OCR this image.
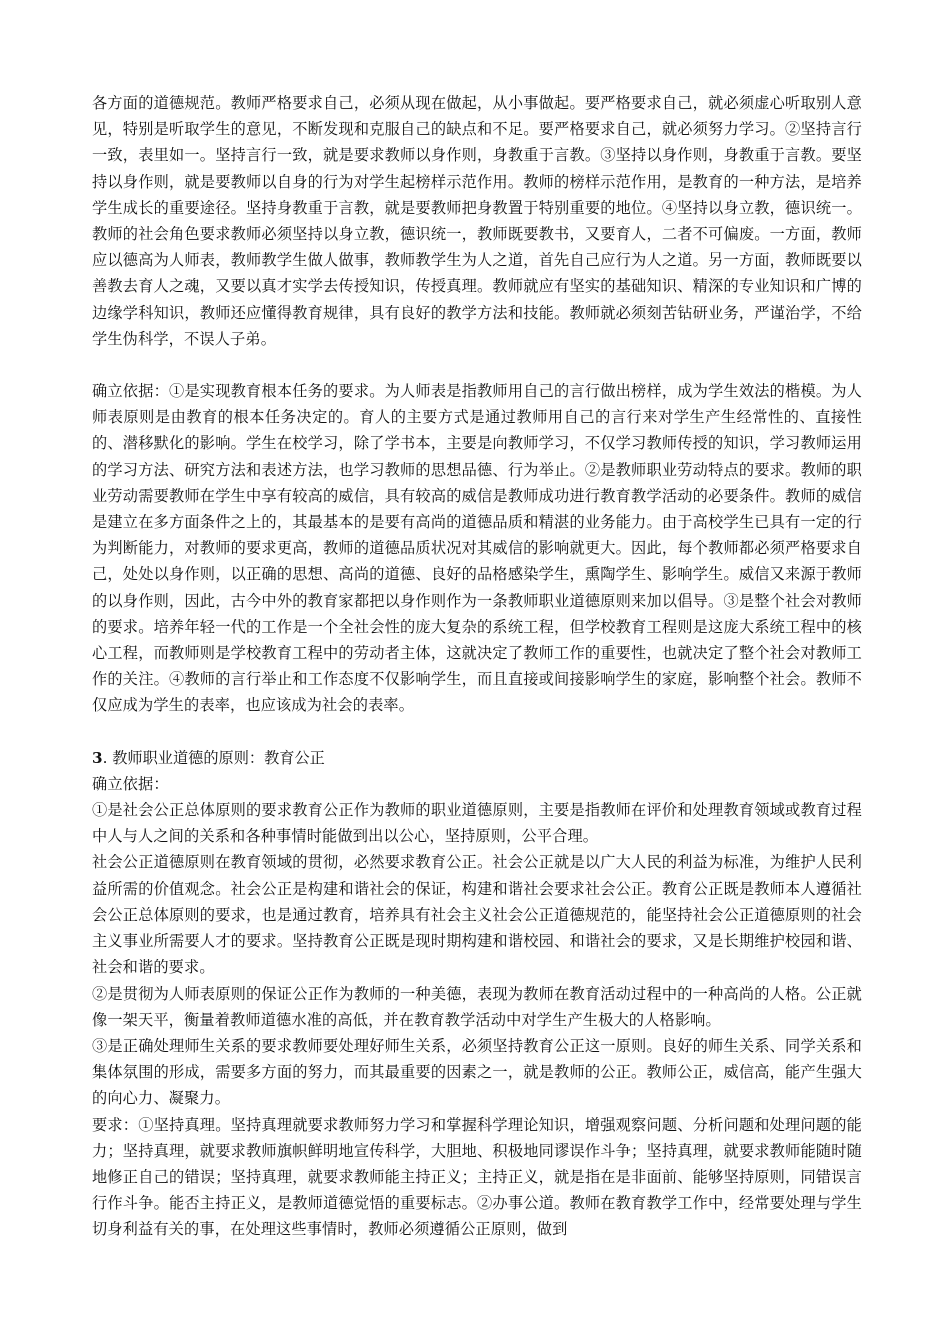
各方面的道德规范。教师严格要求自己，必须从现在做起，从小事做起。要严格要求自己，就必须虚心听取别人意见，特别是听取学生的意见，不断发现和克服自己的缺点和不足。要严格要求自己，就必须努力学习。②坚持言行一致，表里如一。坚持言行一致，就是要求教师以身作则，身教重于言教。③坚持以身作则，身教重于言教。要坚持以身作则，就是要教师以自身的行为对学生起榜样示范作用。教师的榜样示范作用，是教育的一种方法，是培养学生成长的重要途径。坚持身教重于言教，就是要教师把身教置于特别重要的地位。④坚持以身立教，德识统一。教师的社会角色要求教师必须坚持以身立教，德识统一，教师既要教书，又要育人，二者不可偏废。一方面，教师应以德高为人师表，教师教学生做人做事，教师教学生为人之道，首先自己应行为人之道。另一方面，教师既要以善教去育人之魂，又要以真才实学去传授知识，传授真理。教师就应有坚实的基础知识、精深的专业知识和广博的边缘学科知识，教师还应懂得教育规律，具有良好的教学方法和技能。教师就必须刻苦钻研业务，严谨治学，不给学生伪科学，不误人子弟。

确立依据：①是实现教育根本任务的要求。为人师表是指教师用自己的言行做出榜样，成为学生效法的楷模。为人师表原则是由教育的根本任务决定的。育人的主要方式是通过教师用自己的言行来对学生产生经常性的、直接性的、潜移默化的影响。学生在校学习，除了学书本，主要是向教师学习，不仅学习教师传授的知识，学习教师运用的学习方法、研究方法和表述方法，也学习教师的思想品德、行为举止。②是教师职业劳动特点的要求。教师的职业劳动需要教师在学生中享有较高的威信，具有较高的威信是教师成功进行教育教学活动的必要条件。教师的威信是建立在多方面条件之上的，其最基本的是要有高尚的道德品质和精湛的业务能力。由于高校学生已具有一定的行为判断能力，对教师的要求更高，教师的道德品质状况对其威信的影响就更大。因此，每个教师都必须严格要求自己，处处以身作则，以正确的思想、高尚的道德、良好的品格感染学生，熏陶学生、影响学生。威信又来源于教师的以身作则，因此，古今中外的教育家都把以身作则作为一条教师职业道德原则来加以倡导。③是整个社会对教师的要求。培养年轻一代的工作是一个全社会性的庞大复杂的系统工程，但学校教育工程则是这庞大系统工程中的核心工程，而教师则是学校教育工程中的劳动者主体，这就决定了教师工作的重要性，也就决定了整个社会对教师工作的关注。④教师的言行举止和工作态度不仅影响学生，而且直接或间接影响学生的家庭，影响整个社会。教师不仅应成为学生的表率，也应该成为社会的表率。

3. 教师职业道德的原则：教育公正

确立依据：

①是社会公正总体原则的要求教育公正作为教师的职业道德原则，主要是指教师在评价和处理教育领域或教育过程中人与人之间的关系和各种事情时能做到出以公心，坚持原则，公平合理。

社会公正道德原则在教育领域的贯彻，必然要求教育公正。社会公正就是以广大人民的利益为标准，为维护人民利益所需的价值观念。社会公正是构建和谐社会的保证，构建和谐社会要求社会公正。教育公正既是教师本人遵循社会公正总体原则的要求，也是通过教育，培养具有社会主义社会公正道德规范的，能坚持社会公正道德原则的社会主义事业所需要人才的要求。坚持教育公正既是现时期构建和谐校园、和谐社会的要求，又是长期维护校园和谐、社会和谐的要求。

②是贯彻为人师表原则的保证公正作为教师的一种美德，表现为教师在教育活动过程中的一种高尚的人格。公正就像一架天平，衡量着教师道德水准的高低，并在教育教学活动中对学生产生极大的人格影响。

③是正确处理师生关系的要求教师要处理好师生关系，必须坚持教育公正这一原则。良好的师生关系、同学关系和集体氛围的形成，需要多方面的努力，而其最重要的因素之一，就是教师的公正。教师公正，威信高，能产生强大的向心力、凝聚力。

要求：①坚持真理。坚持真理就要求教师努力学习和掌握科学理论知识，增强观察问题、分析问题和处理问题的能力；坚持真理，就要求教师旗帜鲜明地宣传科学，大胆地、积极地同谬误作斗争；坚持真理，就要求教师能随时随地修正自己的错误；坚持真理，就要求教师能主持正义；主持正义，就是指在是非面前、能够坚持原则，同错误言行作斗争。能否主持正义，是教师道德觉悟的重要标志。②办事公道。教师在教育教学工作中，经常要处理与学生切身利益有关的事，在处理这些事情时，教师必须遵循公正原则，做到
